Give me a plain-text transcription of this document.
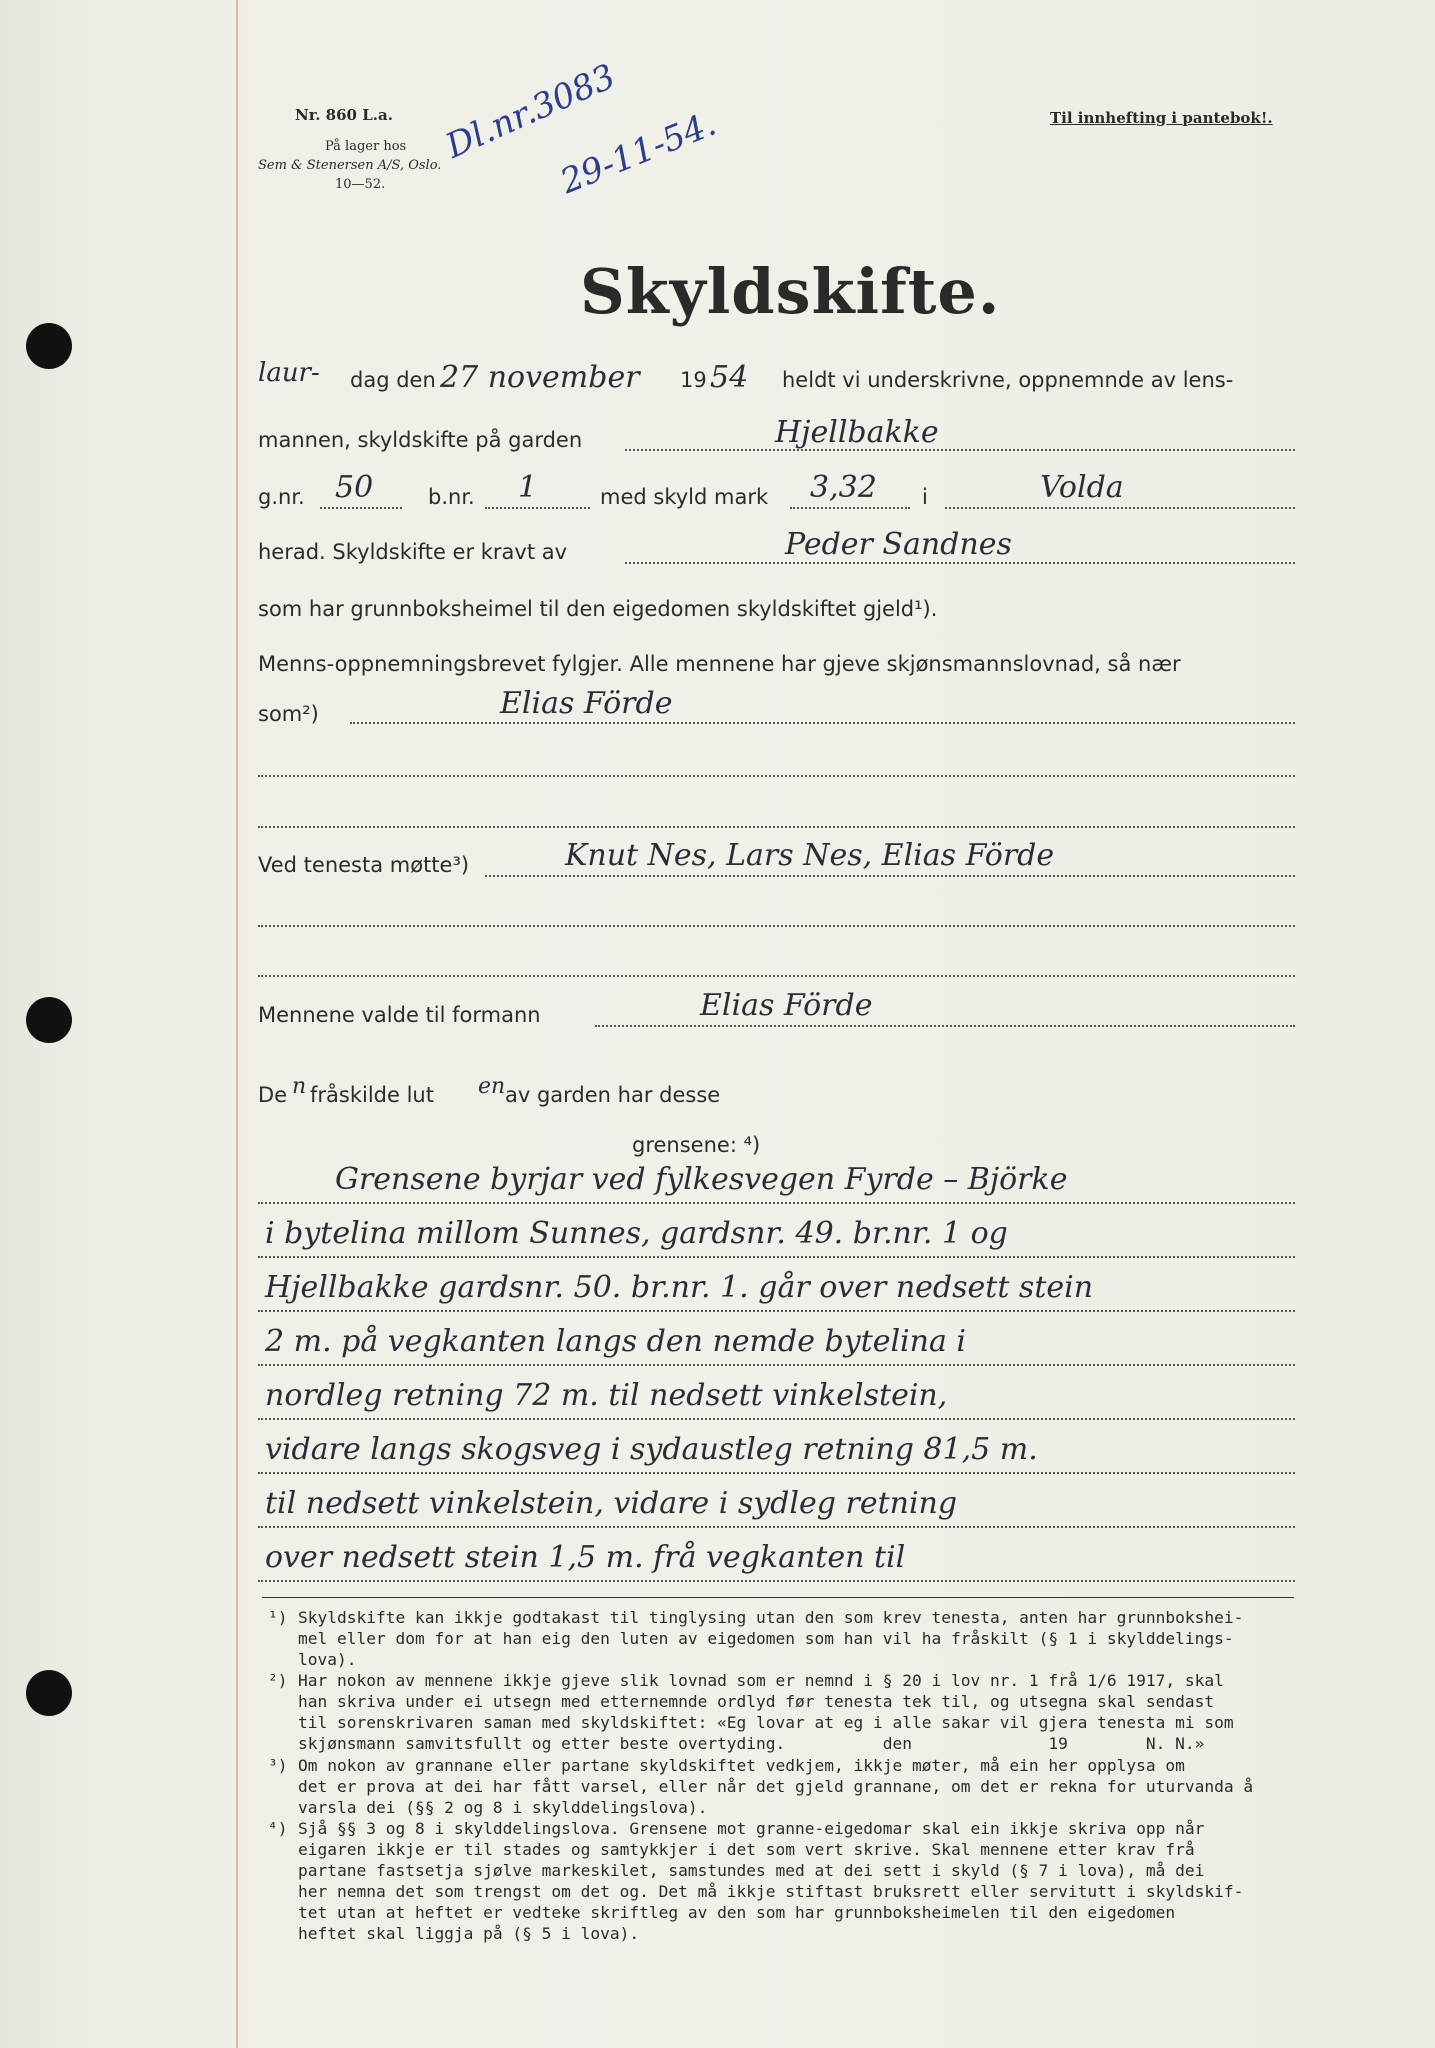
Nr. 860 L.a.
På lager hos
Sem & Stenersen A/S, Oslo.
10—52.
Til innhefting i pantebok!.
Dl.nr.3083
29-11-54.
Skyldskifte.
laur- dag den 27 november 19 54 heldt vi underskrivne, oppnemnde av lens-
mannen, skyldskifte på garden	Hjellbakke
g.nr. 50	b.nr. 1	med skyld mark 3,32 i	Volda
herad. Skyldskifte er kravt av	Peder Sandnes
som har grunnboksheimel til den eigedomen skyldskiftet gjeld¹).
Menns-oppnemningsbrevet fylgjer. Alle mennene har gjeve skjønsmannslovnad, så nær
som²)	Elias Förde
Ved tenesta møtte³)	Knut Nes, Lars Nes, Elias Förde
Mennene valde til formann	Elias Förde
De n fråskilde lut en av garden har desse
grensene: ⁴)
Grensene byrjar ved fylkesvegen Fyrde – Björke
i bytelina millom Sunnes, gardsnr. 49. br.nr. 1 og
Hjellbakke gardsnr. 50. br.nr. 1. går over nedsett stein
2 m. på vegkanten langs den nemde bytelina i
nordleg retning 72 m. til nedsett vinkelstein,
vidare langs skogsveg i sydaustleg retning 81,5 m.
til nedsett vinkelstein, vidare i sydleg retning
over nedsett stein 1,5 m. frå vegkanten til
¹) Skyldskifte kan ikkje godtakast til tinglysing utan den som krev tenesta, anten har grunnbokshei-
mel eller dom for at han eig den luten av eigedomen som han vil ha fråskilt (§ 1 i skylddelings-
lova).
²) Har nokon av mennene ikkje gjeve slik lovnad som er nemnd i § 20 i lov nr. 1 frå 1/6 1917, skal
han skriva under ei utsegn med etternemnde ordlyd før tenesta tek til, og utsegna skal sendast
til sorenskrivaren saman med skyldskiftet: «Eg lovar at eg i alle sakar vil gjera tenesta mi som
skjønsmann samvitsfullt og etter beste overtyding.          den              19        N. N.»
³) Om nokon av grannane eller partane skyldskiftet vedkjem, ikkje møter, må ein her opplysa om
det er prova at dei har fått varsel, eller når det gjeld grannane, om det er rekna for uturvanda å
varsla dei (§§ 2 og 8 i skylddelingslova).
⁴) Sjå §§ 3 og 8 i skylddelingslova. Grensene mot granne-eigedomar skal ein ikkje skriva opp når
eigaren ikkje er til stades og samtykkjer i det som vert skrive. Skal mennene etter krav frå
partane fastsetja sjølve markeskilet, samstundes med at dei sett i skyld (§ 7 i lova), må dei
her nemna det som trengst om det og. Det må ikkje stiftast bruksrett eller servitutt i skyldskif-
tet utan at heftet er vedteke skriftleg av den som har grunnboksheimelen til den eigedomen
heftet skal liggja på (§ 5 i lova).
